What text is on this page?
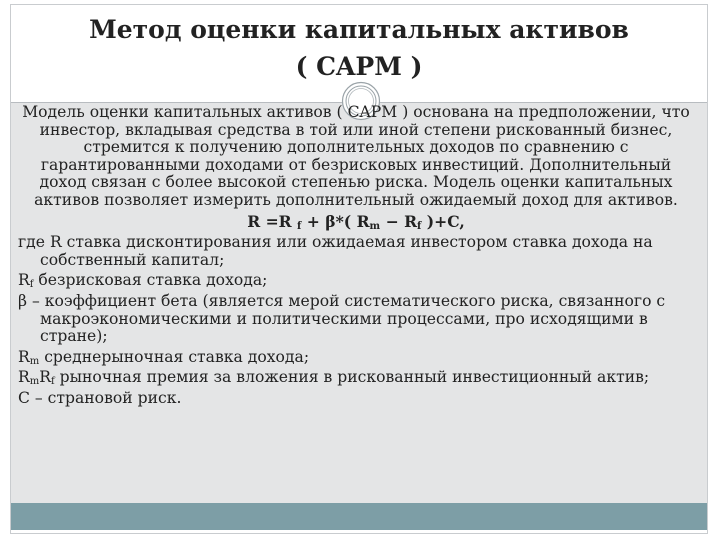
Метод оценки капитальных активов
( CAPM )

Модель оценки капитальных активов ( CAPM ) основана на предположении, что инвестор, вкладывая средства в той или иной степени рискованный бизнес, стремится к получению дополнительных доходов по сравнению с гарантированными доходами от безрисковых инвестиций. Дополнительный доход связан с более высокой степенью риска. Модель оценки капитальных активов позволяет измерить дополнительный ожидаемый доход для активов.

R =R $_f$ + β*( $R_m - R_f$ )+C,
где R ставка дисконтирования или ожидаемая инвестором ставка дохода на собственный капитал;
$R_f$ безрисковая ставка дохода;
β – коэффициент бета (является мерой систематического риска, связанного с макроэкономическими и политическими процессами, про исходящими в стране);
$R_m$ среднерыночная ставка дохода;
$R_mR_f$ рыночная премия за вложения в рискованный инвестиционный актив;
C – страновой риск.
